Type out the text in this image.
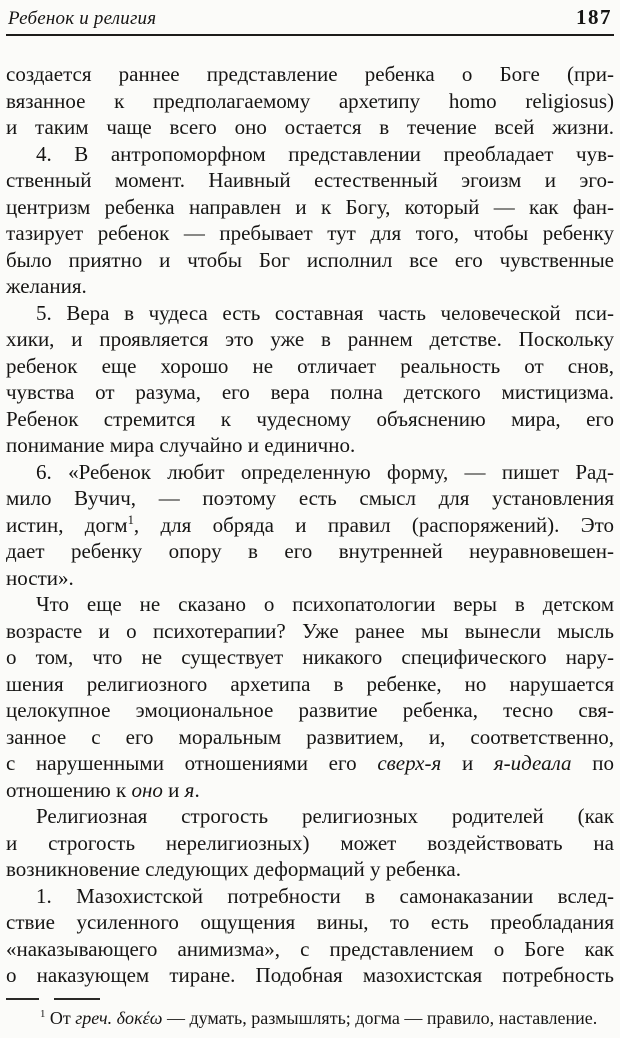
Ребенок и религия	187

создается раннее представление ребенка о Боге (при-
вязанное к предполагаемому архетипу homo religiosus)
и таким чаще всего оно остается в течение всей жизни.

4. В антропоморфном представлении преобладает чув-
ственный момент. Наивный естественный эгоизм и эго-
центризм ребенка направлен и к Богу, который — как фан-
тазирует ребенок — пребывает тут для того, чтобы ребенку
было приятно и чтобы Бог исполнил все его чувственные
желания.

5. Вера в чудеса есть составная часть человеческой пси-
хики, и проявляется это уже в раннем детстве. Поскольку
ребенок еще хорошо не отличает реальность от снов,
чувства от разума, его вера полна детского мистицизма.
Ребенок стремится к чудесному объяснению мира, его
понимание мира случайно и единично.

6. «Ребенок любит определенную форму, — пишет Рад-
мило Вучич, — поэтому есть смысл для установления
истин, догм$^1$, для обряда и правил (распоряжений). Это
дает ребенку опору в его внутренней неуравновешен-
ности».

Что еще не сказано о психопатологии веры в детском
возрасте и о психотерапии? Уже ранее мы вынесли мысль
о том, что не существует никакого специфического нару-
шения религиозного архетипа в ребенке, но нарушается
целокупное эмоциональное развитие ребенка, тесно свя-
занное с его моральным развитием, и, соответственно,
с нарушенными отношениями его сверх-я и я-идеала по
отношению к оно и я.

Религиозная строгость религиозных родителей (как
и строгость нерелигиозных) может воздействовать на
возникновение следующих деформаций у ребенка.

1. Мазохистской потребности в самонаказании вслед-
ствие усиленного ощущения вины, то есть преобладания
«наказывающего анимизма», с представлением о Боге как
о наказующем тиране. Подобная мазохистская потребность

$^1$ От греч. δοκέω — думать, размышлять; догма — правило, наставление.
